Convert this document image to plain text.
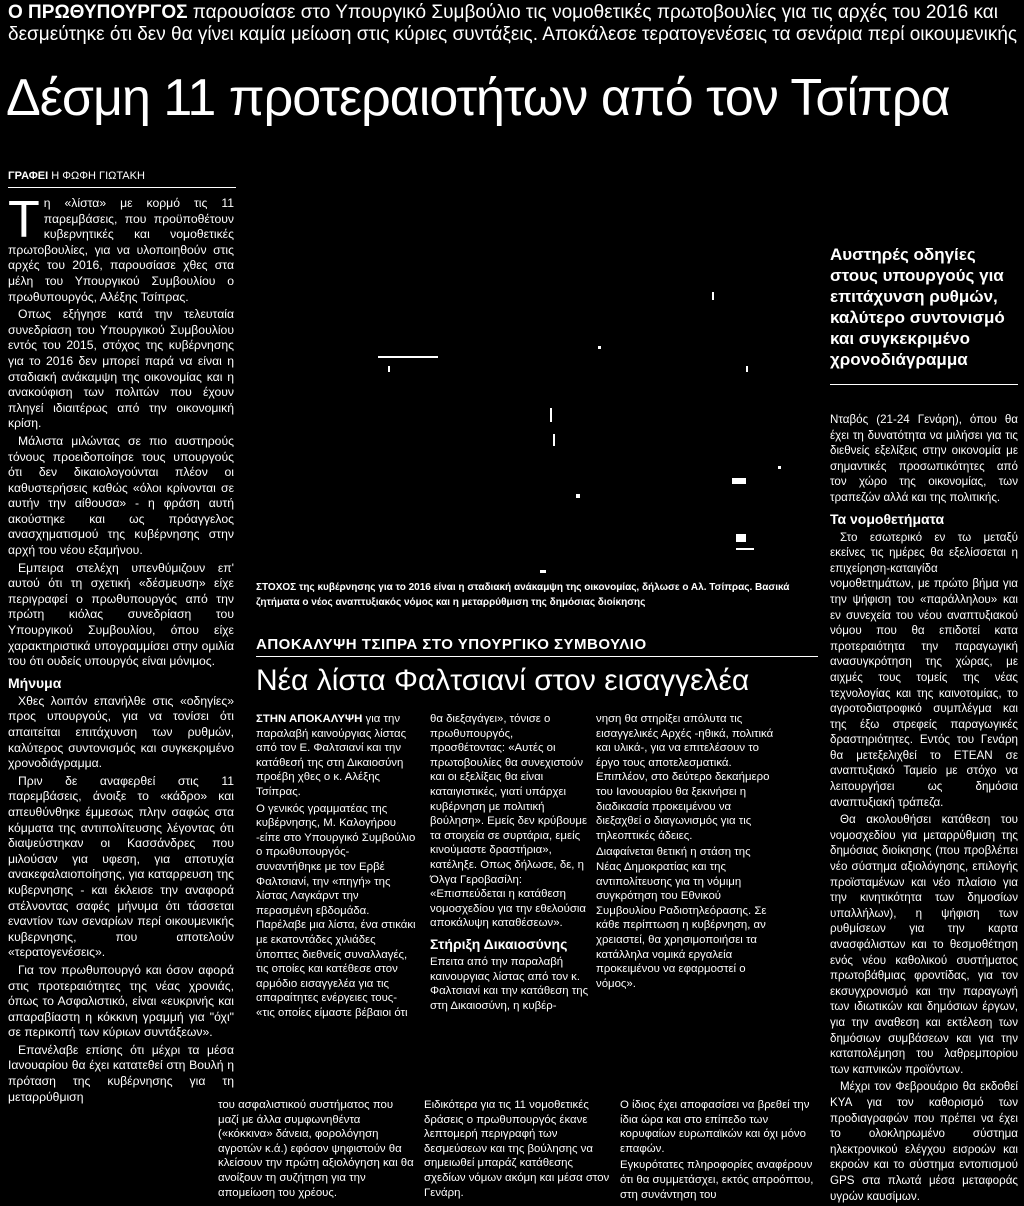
Ο ΠΡΩΘΥΠΟΥΡΓΟΣ παρουσίασε στο Υπουργικό Συμβούλιο τις νομοθετικές πρωτοβουλίες για τις αρχές του 2016 και δεσμεύτηκε ότι δεν θα γίνει καμία μείωση στις κύριες συντάξεις. Αποκάλεσε τερατογενέσεις τα σενάρια περί οικουμενικής
Δέσμη 11 προτεραιοτήτων από τον Τσίπρα
ΓΡΑΦΕΙ Η ΦΩΦΗ ΓΙΩΤΑΚΗ

Τη «λίστα» με κορμό τις 11 παρεμβάσεις, που προϋποθέτουν κυβερνητικές και νομοθετικές πρωτοβουλίες, για να υλοποιηθούν στις αρχές του 2016, παρουσίασε χθες στα μέλη του Υπουργικού Συμβουλίου ο πρωθυπουργός, Αλέξης Τσίπρας.

Οπως εξήγησε κατά την τελευταία συνεδρίαση του Υπουργικού Συμβουλίου εντός του 2015, στόχος της κυβέρνησης για το 2016 δεν μπορεί παρά να είναι η σταδιακή ανάκαμψη της οικονομίας και η ανακούφιση των πολιτών που έχουν πληγεί ιδιαιτέρως από την οικονομική κρίση.

Μάλιστα μιλώντας σε πιο αυστηρούς τόνους προειδοποίησε τους υπουργούς ότι δεν δικαιολογούνται πλέον οι καθυστερήσεις καθώς «όλοι κρίνονται σε αυτήν την αίθουσα» - η φράση αυτή ακούστηκε και ως πρόαγγελος ανασχηματισμού της κυβέρνησης στην αρχή του νέου εξαμήνου.

Εμπειρα στελέχη υπενθύμιζουν επ' αυτού ότι τη σχετική «δέσμευση» είχε περιγραφεί ο πρωθυπουργός από την πρώτη κιόλας συνεδρίαση του Υπουργικού Συμβουλίου, όπου είχε χαρακτηριστικά υπογραμμίσει στην ομιλία του ότι ουδείς υπουργός είναι μόνιμος.

Μήνυμα

Χθες λοιπόν επανήλθε στις «οδηγίες» προς υπουργούς, για να τονίσει ότι απαιτείται επιτάχυνση των ρυθμών, καλύτερος συντονισμός και συγκεκριμένο χρονοδιάγραμμα.

Πριν δε αναφερθεί στις 11 παρεμβάσεις, άνοιξε το «κάδρο» και απευθύνθηκε έμμεσως πλην σαφώς στα κόμματα της αντιπολίτευσης λέγοντας ότι διαψεύστηκαν οι Κασσάνδρες που μιλούσαν για υφεση, για αποτυχία ανακεφαλαιοποίησης, για καταρρευση της κυβερνησης - και έκλεισε την αναφορά στέλνοντας σαφές μήνυμα ότι τάσσεται εναντίον των σεναρίων περί οικουμενικής κυβερνησης, που αποτελούν «τερατογενέσεις».

Για τον πρωθυπουργό και όσον αφορά στις προτεραιότητες της νέας χρονιάς, όπως το Ασφαλιστικό, είναι «ευκρινής και απαραβίαστη η κόκκινη γραμμή για "όχι" σε περικοπή των κύριων συντάξεων».

Επανέλαβε επίσης ότι μέχρι τα μέσα Ιανουαρίου θα έχει κατατεθεί στη Βουλή η πρόταση της κυβέρνησης για τη μεταρρύθμιση

Αυστηρές οδηγίες στους υπουργούς για επιτάχυνση ρυθμών, καλύτερο συντονισμό και συγκεκριμένο χρονοδιάγραμμα

Νταβός (21-24 Γενάρη), όπου θα έχει τη δυνατότητα να μιλήσει για τις διεθνείς εξελίξεις στην οικονομία με σημαντικές προσωπικότητες από τον χώρο της οικονομίας, των τραπεζών αλλά και της πολιτικής.

Τα νομοθετήματα

Στο εσωτερικό εν τω μεταξύ εκείνες τις ημέρες θα εξελίσσεται η επιχείρηση-καταιγίδα νομοθετημάτων, με πρώτο βήμα για την ψήφιση του «παράλληλου» και εν συνεχεία του νέου αναπτυξιακού νόμου που θα επιδοτεί κατα προτεραιότητα την παραγωγική ανασυγκρότηση της χώρας, με αιχμές τους τομείς της νέας τεχνολογίας και της καινοτομίας, το αγροτοδιατροφικό συμπλέγμα και της έξω στρεφείς παραγωγικές δραστηριότητες. Εντός του Γενάρη θα μετεξελιχθεί το ΕΤΕΑΝ σε αναπτυξιακό Ταμείο με στόχο να λειτουργήσει ως δημόσια αναπτυξιακή τράπεζα.

Θα ακολουθήσει κατάθεση του νομοσχεδίου για μεταρρύθμιση της δημόσιας διοίκησης (που προβλέπει νέο σύστημα αξιολόγησης, επιλογής προϊσταμένων και νέο πλαίσιο για την κινητικότητα των δημοσίων υπαλλήλων), η ψήφιση των ρυθμίσεων για την καρτα ανασφάλιστων και το θεσμοθέτηση ενός νέου καθολικού συστήματος πρωτοβάθμιας φροντίδας, για τον εκσυγχρονισμό και την παραγωγή των ιδιωτικών και δημόσιων έργων, για την αναθεση και εκτέλεση των δημόσιων συμβάσεων και για την καταπολέμηση του λαθρεμπορίου των καπνικών προϊόντων.

Μέχρι τον Φεβρουάριο θα εκδοθεί ΚΥΑ για τον καθορισμό των προδιαγραφών που πρέπει να έχει το ολοκληρωμένο σύστημα ηλεκτρονικού ελέγχου εισροών και εκροών και το σύστημα εντοπισμού GPS στα πλωτά μέσα μεταφοράς υγρών καυσίμων.

ΣΤΟΧΟΣ της κυβέρνησης για το 2016 είναι η σταδιακή ανάκαμψη της οικονομίας, δήλωσε ο Αλ. Τσίπρας. Βασικά ζητήματα ο νέος αναπτυξιακός νόμος και η μεταρρύθμιση της δημόσιας διοίκησης
ΑΠΟΚΑΛΥΨΗ ΤΣΙΠΡΑ ΣΤΟ ΥΠΟΥΡΓΙΚΟ ΣΥΜΒΟΥΛΙΟ
Νέα λίστα Φαλτσιανί στον εισαγγελέα

ΣΤΗΝ ΑΠΟΚΑΛΥΨΗ για την παραλαβή καινούργιας λίστας από τον Ε. Φαλτσιανί και την κατάθεσή της στη Δικαιοσύνη προέβη χθες ο κ. Αλέξης Τσίπρας.

Ο γενικός γραμματέας της κυβέρνησης, Μ. Καλογήρου -είπε στο Υπουργικό Συμβούλιο ο πρωθυπουργός- συναντήθηκε με τον Ερβέ Φαλτσιανί, την «πηγή» της λίστας Λαγκάρντ την περασμένη εβδομάδα. Παρέλαβε μια λίστα, ένα στικάκι με εκατοντάδες χιλιάδες ύποπτες διεθνείς συναλλαγές, τις οποίες και κατέθεσε στον αρμόδιο εισαγγελέα για τις απαραίτητες ενέργειες τους- «τις οποίες είμαστε βέβαιοι ότι

θα διεξαγάγει», τόνισε ο πρωθυπουργός, προσθέτοντας: «Αυτές οι πρωτοβουλίες θα συνεχιστούν και οι εξελίξεις θα είναι καταιγιστικές, γιατί υπάρχει κυβέρνηση με πολιτική βούληση». Εμείς δεν κρύβουμε τα στοιχεία σε συρτάρια, εμείς κινούμαστε δραστήρια», κατέληξε. Οπως δήλωσε, δε, η Όλγα Γεροβασίλη: «Επισπεύδεται η κατάθεση νομοσχεδίου για την εθελούσια αποκάλυψη καταθέσεων».

Στήριξη Δικαιοσύνης

Επειτα από την παραλαβή καινουργιας λίστας από τον κ. Φαλτσιανί και την κατάθεση της στη Δικαιοσύνη, η κυβέρ-

νηση θα στηρίξει απόλυτα τις εισαγγελικές Αρχές -ηθικά, πολιτικά και υλικά-, για να επιτελέσουν το έργο τους αποτελεσματικά. Επιπλέον, στο δεύτερο δεκαήμερο του Ιανουαρίου θα ξεκινήσει η διαδικασία προκειμένου να διεξαχθεί ο διαγωνισμός για τις τηλεοπτικές άδειες.

Διαφαίνεται θετική η στάση της Νέας Δημοκρατίας και της αντιπολίτευσης για τη νόμιμη συγκρότηση του Εθνικού Συμβουλίου Ραδιοτηλεόρασης. Σε κάθε περίπτωση η κυβέρνηση, αν χρειαστεί, θα χρησιμοποιήσει τα κατάλληλα νομικά εργαλεία προκειμένου να εφαρμοστεί ο νόμος».

του ασφαλιστικού συστήματος που μαζί με άλλα συμφωνηθέντα («κόκκινα» δάνεια, φορολόγηση αγροτών κ.ά.) εφόσον ψηφιστούν θα κλείσουν την πρώτη αξιολόγηση και θα ανοίξουν τη συζήτηση για την απομείωση του χρέους.
Ειδικότερα για τις 11 νομοθετικές δράσεις ο πρωθυπουργός έκανε λεπτομερή περιγραφή των δεσμεύσεων και της βούλησης να σημειωθεί μπαράζ κατάθεσης σχεδίων νόμων ακόμη και μέσα στον Γενάρη.

Ο ίδιος έχει αποφασίσει να βρεθεί την ίδια ώρα και στο επίπεδο των κορυφαίων ευρωπαϊκών και όχι μόνο επαφών.

Εγκυρότατες πληροφορίες αναφέρουν ότι θα συμμετάσχει, εκτός απροόπτου, στη συνάντηση του
